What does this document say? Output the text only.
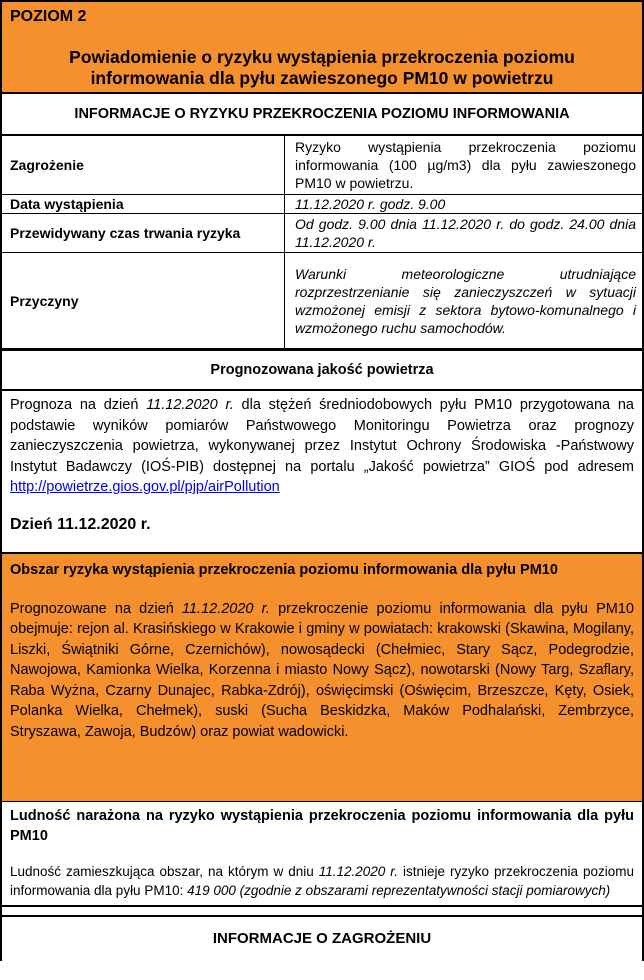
POZIOM 2
Powiadomienie o ryzyku wystąpienia przekroczenia poziomu
informowania dla pyłu zawieszonego PM10 w powietrzu
INFORMACJE O RYZYKU PRZEKROCZENIA POZIOMU INFORMOWANIA
Zagrożenie	Ryzyko wystąpienia przekroczenia poziomu informowania (100 µg/m3) dla pyłu zawieszonego PM10 w powietrzu.
Data wystąpienia	11.12.2020 r. godz. 9.00
Przewidywany czas trwania ryzyka	Od godz. 9.00 dnia 11.12.2020 r. do godz. 24.00 dnia 11.12.2020 r.
Przyczyny	Warunki meteorologiczne utrudniające rozprzestrzenianie się zanieczyszczeń w sytuacji wzmożonej emisji z sektora bytowo-komunalnego i wzmożonego ruchu samochodów.
Prognozowana jakość powietrza
Prognoza na dzień 11.12.2020 r. dla stężeń średniodobowych pyłu PM10 przygotowana na podstawie wyników pomiarów Państwowego Monitoringu Powietrza oraz prognozy zanieczyszczenia powietrza, wykonywanej przez Instytut Ochrony Środowiska -Państwowy Instytut Badawczy (IOŚ-PIB) dostępnej na portalu „Jakość powietrza” GIOŚ pod adresem http://powietrze.gios.gov.pl/pjp/airPollution
Dzień 11.12.2020 r.
Obszar ryzyka wystąpienia przekroczenia poziomu informowania dla pyłu PM10
Prognozowane na dzień 11.12.2020 r. przekroczenie poziomu informowania dla pyłu PM10 obejmuje: rejon al. Krasińskiego w Krakowie i gminy w powiatach: krakowski (Skawina, Mogilany, Liszki, Świątniki Górne, Czernichów), nowosądecki (Chełmiec, Stary Sącz, Podegrodzie, Nawojowa, Kamionka Wielka, Korzenna i miasto Nowy Sącz), nowotarski (Nowy Targ, Szaflary, Raba Wyżna, Czarny Dunajec, Rabka-Zdrój), oświęcimski (Oświęcim, Brzeszcze, Kęty, Osiek, Polanka Wielka, Chełmek), suski (Sucha Beskidzka, Maków Podhalański, Zembrzyce, Stryszawa, Zawoja, Budzów) oraz powiat wadowicki.
Ludność narażona na ryzyko wystąpienia przekroczenia poziomu informowania dla pyłu PM10
Ludność zamieszkująca obszar, na którym w dniu 11.12.2020 r. istnieje ryzyko przekroczenia poziomu informowania dla pyłu PM10: 419 000 (zgodnie z obszarami reprezentatywności stacji pomiarowych)
INFORMACJE O ZAGROŻENIU
